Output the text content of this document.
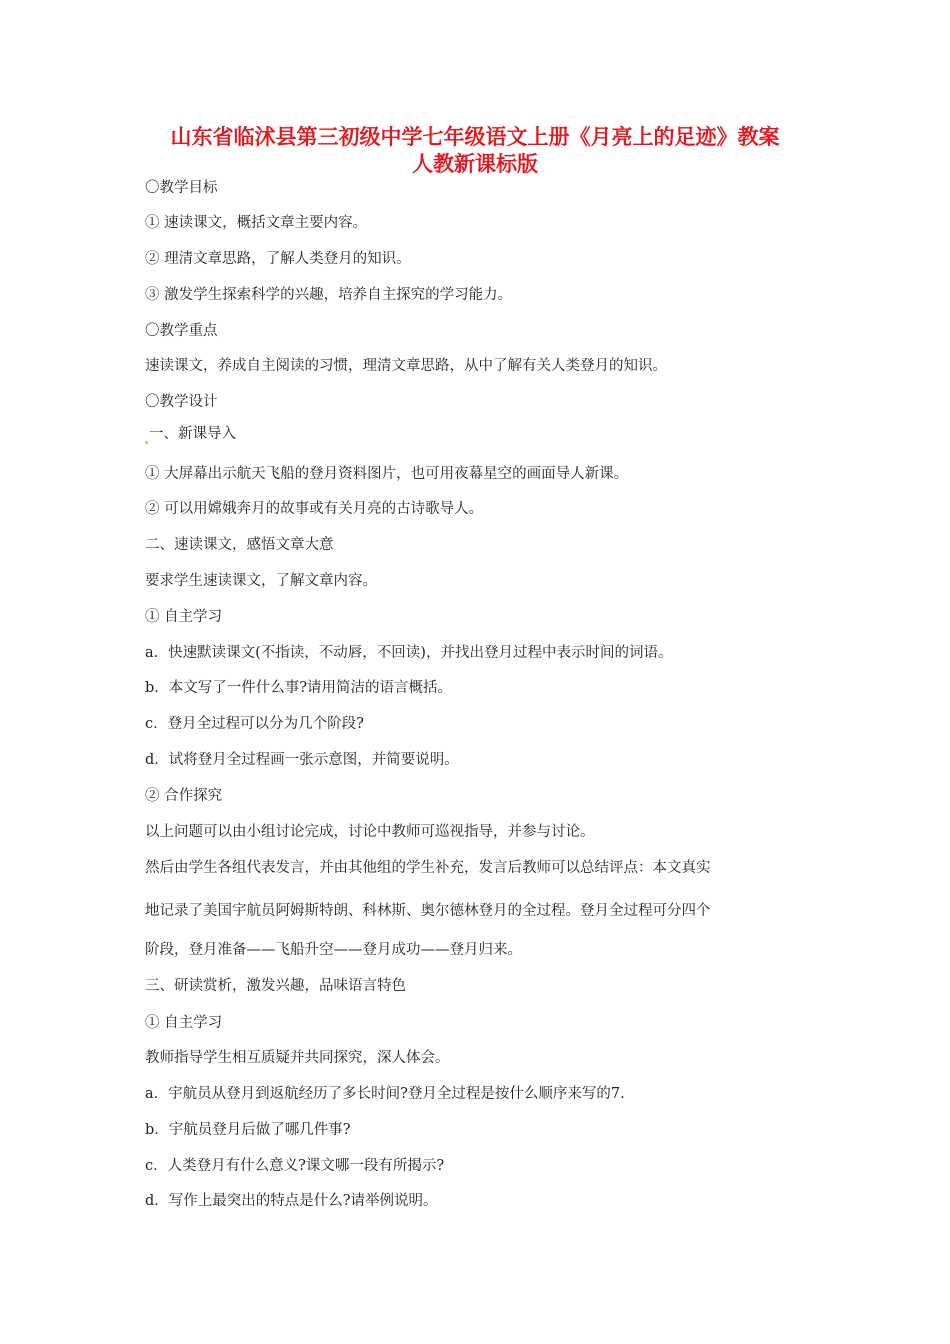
山东省临沭县第三初级中学七年级语文上册《月亮上的足迹》教案
人教新课标版

〇教学目标

① 速读课文，概括文章主要内容。

② 理清文章思路，了解人类登月的知识。

③ 激发学生探索科学的兴趣，培养自主探究的学习能力。

〇教学重点

速读课文，养成自主阅读的习惯，理清文章思路，从中了解有关人类登月的知识。

〇教学设计

一、新课导入

① 大屏幕出示航天飞船的登月资料图片，也可用夜幕星空的画面导人新课。

② 可以用嫦娥奔月的故事或有关月亮的古诗歌导人。

二、速读课文，感悟文章大意

要求学生速读课文，了解文章内容。

① 自主学习

a．快速默读课文(不指读，不动唇，不回读)，并找出登月过程中表示时间的词语。

b．本文写了一件什么事?请用简洁的语言概括。

c．登月全过程可以分为几个阶段?

d．试将登月全过程画一张示意图，并简要说明。

② 合作探究

以上问题可以由小组讨论完成，讨论中教师可巡视指导，并参与讨论。

然后由学生各组代表发言，并由其他组的学生补充，发言后教师可以总结评点：本文真实

地记录了美国宇航员阿姆斯特朗、科林斯、奥尔德林登月的全过程。登月全过程可分四个

阶段，登月准备——飞船升空——登月成功——登月归来。

三、研读赏析，激发兴趣，品味语言特色

① 自主学习

教师指导学生相互质疑并共同探究，深人体会。

a．宇航员从登月到返航经历了多长时间?登月全过程是按什么顺序来写的7.

b．宇航员登月后做了哪几件事?

c．人类登月有什么意义?课文哪一段有所揭示?

d．写作上最突出的特点是什么?请举例说明。
